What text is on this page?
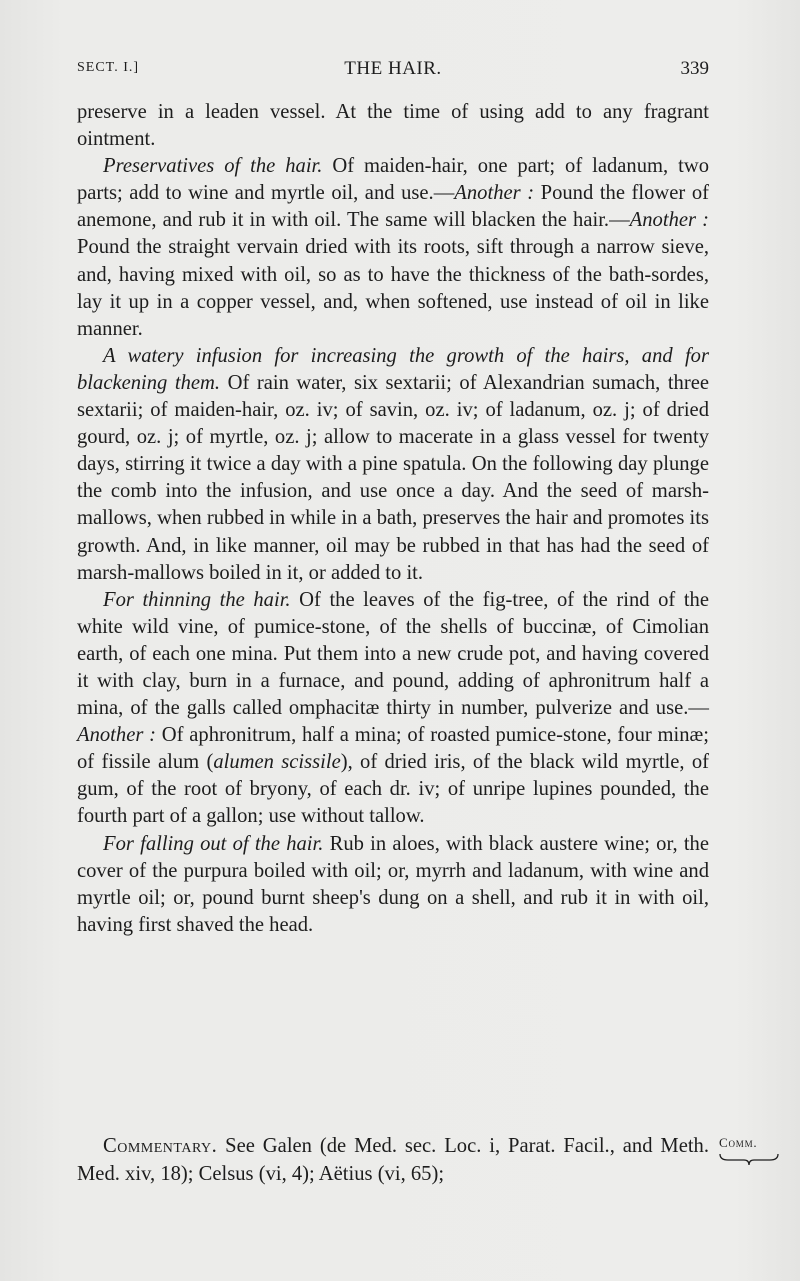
SECT. I.]	THE HAIR.	339

preserve in a leaden vessel. At the time of using add to any fragrant ointment.

Preservatives of the hair. Of maiden-hair, one part; of ladanum, two parts; add to wine and myrtle oil, and use.—Another : Pound the flower of anemone, and rub it in with oil. The same will blacken the hair.—Another : Pound the straight vervain dried with its roots, sift through a narrow sieve, and, having mixed with oil, so as to have the thickness of the bath-sordes, lay it up in a copper vessel, and, when softened, use instead of oil in like manner.

A watery infusion for increasing the growth of the hairs, and for blackening them. Of rain water, six sextarii; of Alexandrian sumach, three sextarii; of maiden-hair, oz. iv; of savin, oz. iv; of ladanum, oz. j; of dried gourd, oz. j; of myrtle, oz. j; allow to macerate in a glass vessel for twenty days, stirring it twice a day with a pine spatula. On the following day plunge the comb into the infusion, and use once a day. And the seed of marsh-mallows, when rubbed in while in a bath, preserves the hair and promotes its growth. And, in like manner, oil may be rubbed in that has had the seed of marsh-mallows boiled in it, or added to it.

For thinning the hair. Of the leaves of the fig-tree, of the rind of the white wild vine, of pumice-stone, of the shells of buccinæ, of Cimolian earth, of each one mina. Put them into a new crude pot, and having covered it with clay, burn in a furnace, and pound, adding of aphronitrum half a mina, of the galls called omphacitæ thirty in number, pulverize and use.—Another : Of aphronitrum, half a mina; of roasted pumice-stone, four minæ; of fissile alum (alumen scissile), of dried iris, of the black wild myrtle, of gum, of the root of bryony, of each dr. iv; of unripe lupines pounded, the fourth part of a gallon; use without tallow.

For falling out of the hair. Rub in aloes, with black austere wine; or, the cover of the purpura boiled with oil; or, myrrh and ladanum, with wine and myrtle oil; or, pound burnt sheep's dung on a shell, and rub it in with oil, having first shaved the head.

Commentary. See Galen (de Med. sec. Loc. i, Parat. Facil., and Meth. Med. xiv, 18); Celsus (vi, 4); Aëtius (vi, 65);
Comm.
